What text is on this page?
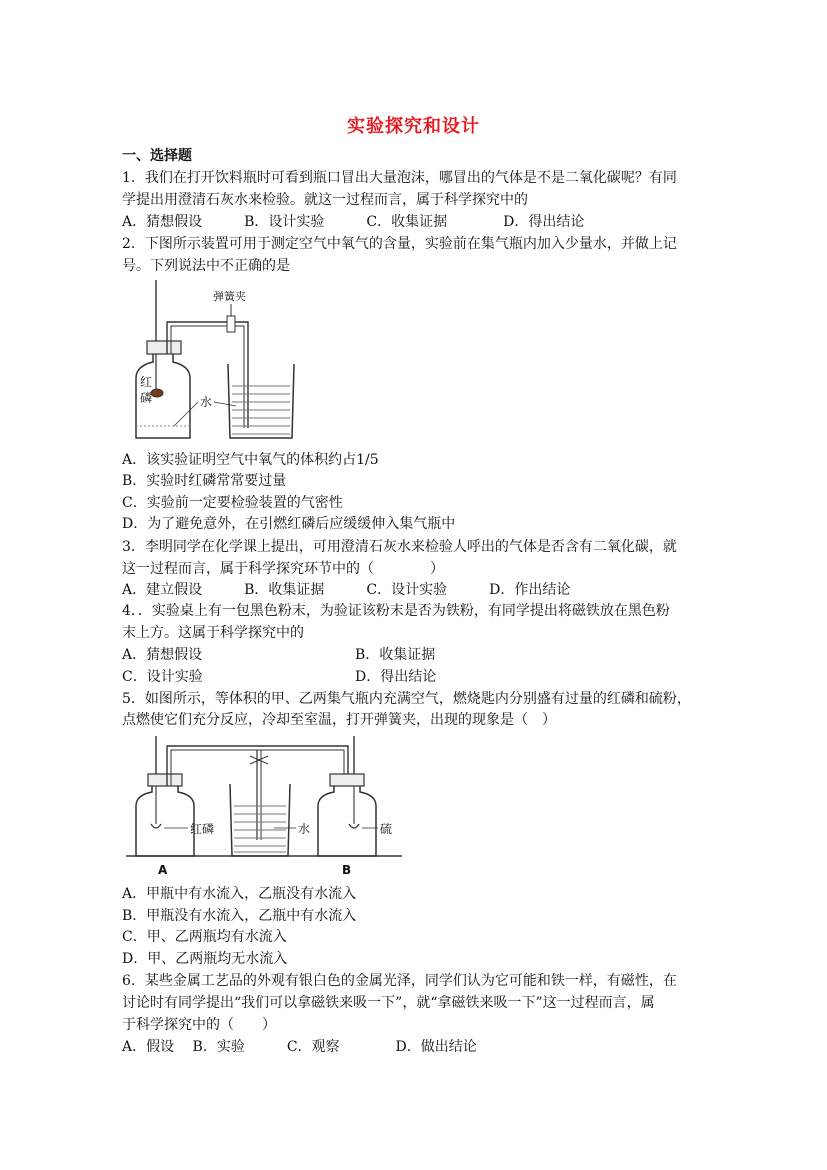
实验探究和设计
一、选择题
1．我们在打开饮料瓶时可看到瓶口冒出大量泡沫，哪冒出的气体是不是二氧化碳呢？有同
学提出用澄清石灰水来检验。就这一过程而言，属于科学探究中的
A．猜想假设　　　B．设计实验　　　C．收集证据　　　　D．得出结论
2．下图所示装置可用于测定空气中氧气的含量，实验前在集气瓶内加入少量水，并做上记
号。下列说法中不正确的是
弹簧夹
红
磷	水
A．该实验证明空气中氧气的体积约占1/5
B．实验时红磷常常要过量
C．实验前一定要检验装置的气密性
D．为了避免意外，在引燃红磷后应缓缓伸入集气瓶中
3．李明同学在化学课上提出，可用澄清石灰水来检验人呼出的气体是否含有二氧化碳，就
这一过程而言，属于科学探究环节中的（　　　　）
A．建立假设　　　B．收集证据　　　C．设计实验　　　D．作出结论
4．．实验桌上有一包黑色粉末，为验证该粉末是否为铁粉，有同学提出将磁铁放在黑色粉
末上方。这属于科学探究中的
A．猜想假设	B．收集证据
C．设计实验	D．得出结论
5．如图所示，等体积的甲、乙两集气瓶内充满空气，燃烧匙内分别盛有过量的红磷和硫粉，
点燃使它们充分反应，冷却至室温，打开弹簧夹，出现的现象是（　）
红磷	水	硫
A	B
A．甲瓶中有水流入，乙瓶没有水流入
B．甲瓶没有水流入，乙瓶中有水流入
C．甲、乙两瓶均有水流入
D．甲、乙两瓶均无水流入
6．某些金属工艺品的外观有银白色的金属光泽，同学们认为它可能和铁一样，有磁性，在
讨论时有同学提出“我们可以拿磁铁来吸一下”，就“拿磁铁来吸一下”这一过程而言，属
于科学探究中的（　　）
A．假设　 B．实验　　　C．观察　　　　D．做出结论
